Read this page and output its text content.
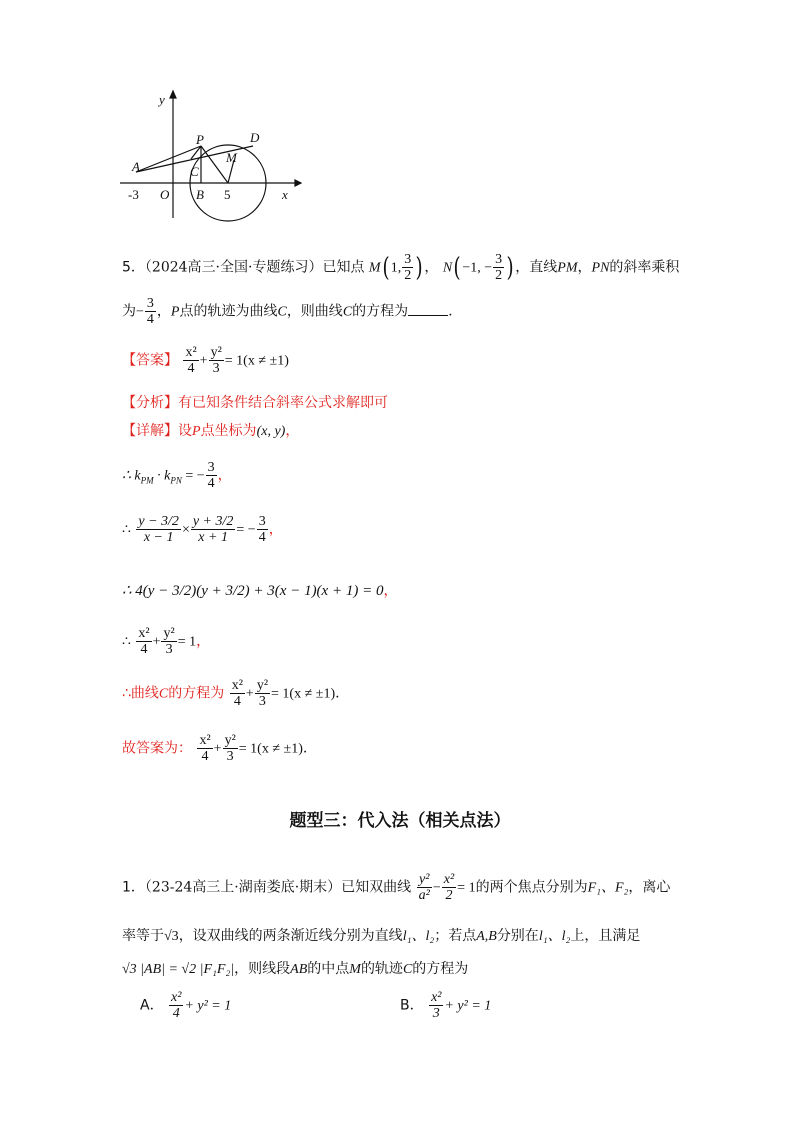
y
x
A
P	D
M
C
O B
-3	5
5．（2024高三·全国·专题练习）已知点 M( 1, $\frac{3}{2}$ ) ， N( −1, − $\frac{3}{2}$ ) ，直线PM，PN的斜率乘积
为− $\frac{3}{4}$ ，P点的轨迹为曲线C，则曲线C的方程为	.
【答案】 $\frac{\text{x²}}{4} + \frac{\text{y²}}{3} = 1(x \ne \pm 1)$
【分析】有已知条件结合斜率公式求解即可
【详解】设P点坐标为(x, y)，
∴ $k_{PM} \cdot k_{PN}$ = − $\frac{3}{4}$ ，
∴ $\frac{y - 3/2}{x - 1} \times \frac{y + 3/2}{x + 1}$ = − $\frac{3}{4}$ ，
∴ 4(y − 3/2)(y + 3/2) + 3(x − 1)(x + 1) = 0，
∴ $\frac{\text{x²}}{4} + \frac{\text{y²}}{3} = 1$，
∴曲线C的方程为 $\frac{\text{x²}}{4} + \frac{\text{y²}}{3} = 1(x \ne \pm 1)$.
故答案为： $\frac{\text{x²}}{4} + \frac{\text{y²}}{3} = 1(x \ne \pm 1)$.
题型三：代入法（相关点法）
1．（23-24高三上·湖南娄底·期末）已知双曲线 $\frac{\text{y²}}{\text{a²}} - \frac{\text{x²}}{2} = 1$的两个焦点分别为F₁、F₂，离心
率等于√3，设双曲线的两条渐近线分别为直线l₁、l₂；若点A,B分别在l₁、l₂上，且满足
√3 |AB| = √2 |F₁F₂|，则线段AB的中点M的轨迹C的方程为
A． $\frac{\text{x²}}{4} + y^2 = 1$	B． $\frac{\text{x²}}{3} + y^2 = 1$
